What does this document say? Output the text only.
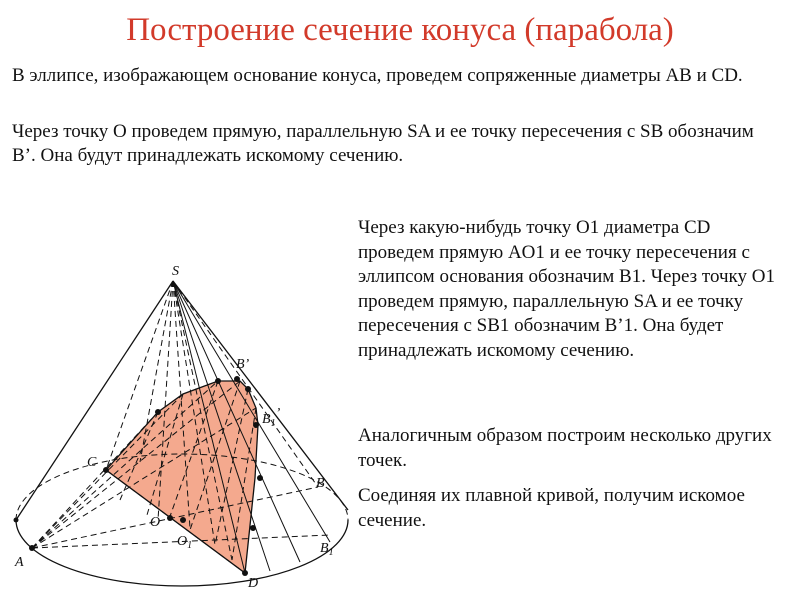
Построение сечение конуса (парабола)

В эллипсе, изображающем основание конуса, проведем сопряженные диаметры AB и CD.

Через точку O проведем прямую, параллельную SA и ее точку пересечения с SB обозначим B’. Она будут принадлежать искомому сечению.

Через какую-нибудь точку O1 диаметра CD проведем прямую AO1 и ее точку пересечения с эллипсом основания обозначим B1. Через точку O1 проведем прямую, параллельную SA и ее точку пересечения с SB1 обозначим B’1. Она будет принадлежать искомому сечению.

Аналогичным образом построим несколько других точек.

Соединяя их плавной кривой, получим искомое сечение.

S
A
B
$B_1$
C
D
O
$O_1$
B’
$B_1$’
